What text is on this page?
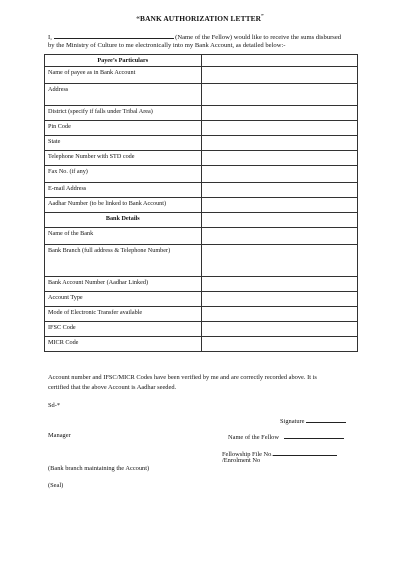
“BANK AUTHORIZATION LETTER”
I,	(Name of the Fellow) would like to receive the sums disbursed
by the Ministry of Culture to me electronically into my Bank Account, as detailed below:-
Payee’s Particulars	
Name of payee as in Bank Account	
Address	
District (specify if falls under Tribal Area)	
Pin Code	
State	
Telephone Number with STD code	
Fax No. (if any)	
E-mail Address	
Aadhar Number (to be linked to Bank Account)	
Bank Details	
Name of the Bank	
Bank Branch (full address & Telephone Number)	
Bank Account Number (Aadhar Linked)	
Account Type	
Mode of Electronic Transfer available	
IFSC Code	
MICR Code	
Account number and IFSC/MICR Codes have been verified by me and are correctly recorded above. It is
certified that the above Account is Aadhar seeded.
Sd-*
Signature
Manager	Name of the Fellow
Fellowship File No.
/Enrolment No
(Bank branch maintaining the Account)
(Seal)
